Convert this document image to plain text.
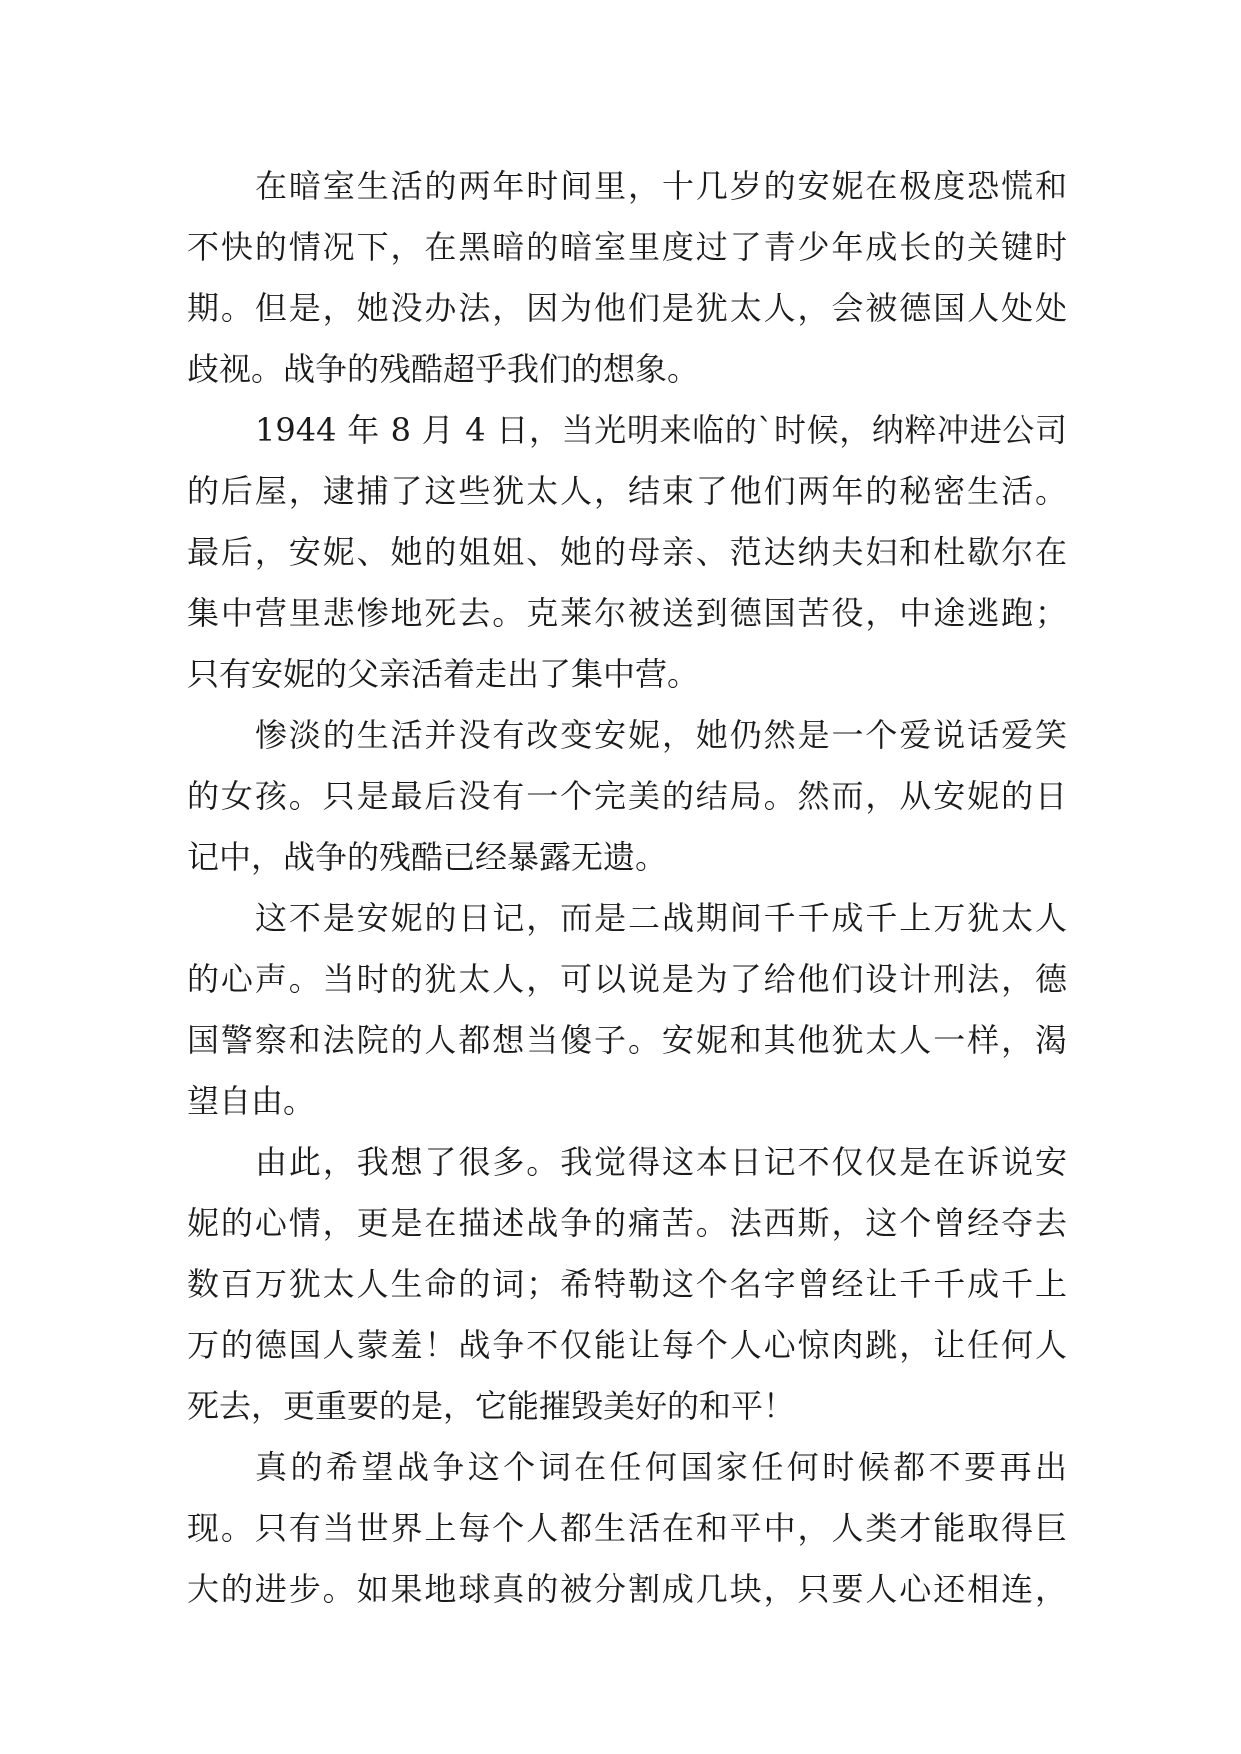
在暗室生活的两年时间里，十几岁的安妮在极度恐慌和
不快的情况下，在黑暗的暗室里度过了青少年成长的关键时
期。但是，她没办法，因为他们是犹太人，会被德国人处处
歧视。战争的残酷超乎我们的想象。
1944 年 8 月 4 日，当光明来临的`时候，纳粹冲进公司
的后屋，逮捕了这些犹太人，结束了他们两年的秘密生活。
最后，安妮、她的姐姐、她的母亲、范达纳夫妇和杜歇尔在
集中营里悲惨地死去。克莱尔被送到德国苦役，中途逃跑；
只有安妮的父亲活着走出了集中营。
惨淡的生活并没有改变安妮，她仍然是一个爱说话爱笑
的女孩。只是最后没有一个完美的结局。然而，从安妮的日
记中，战争的残酷已经暴露无遗。
这不是安妮的日记，而是二战期间千千成千上万犹太人
的心声。当时的犹太人，可以说是为了给他们设计刑法，德
国警察和法院的人都想当傻子。安妮和其他犹太人一样，渴
望自由。
由此，我想了很多。我觉得这本日记不仅仅是在诉说安
妮的心情，更是在描述战争的痛苦。法西斯，这个曾经夺去
数百万犹太人生命的词；希特勒这个名字曾经让千千成千上
万的德国人蒙羞！战争不仅能让每个人心惊肉跳，让任何人
死去，更重要的是，它能摧毁美好的和平！
真的希望战争这个词在任何国家任何时候都不要再出
现。只有当世界上每个人都生活在和平中，人类才能取得巨
大的进步。如果地球真的被分割成几块，只要人心还相连，
